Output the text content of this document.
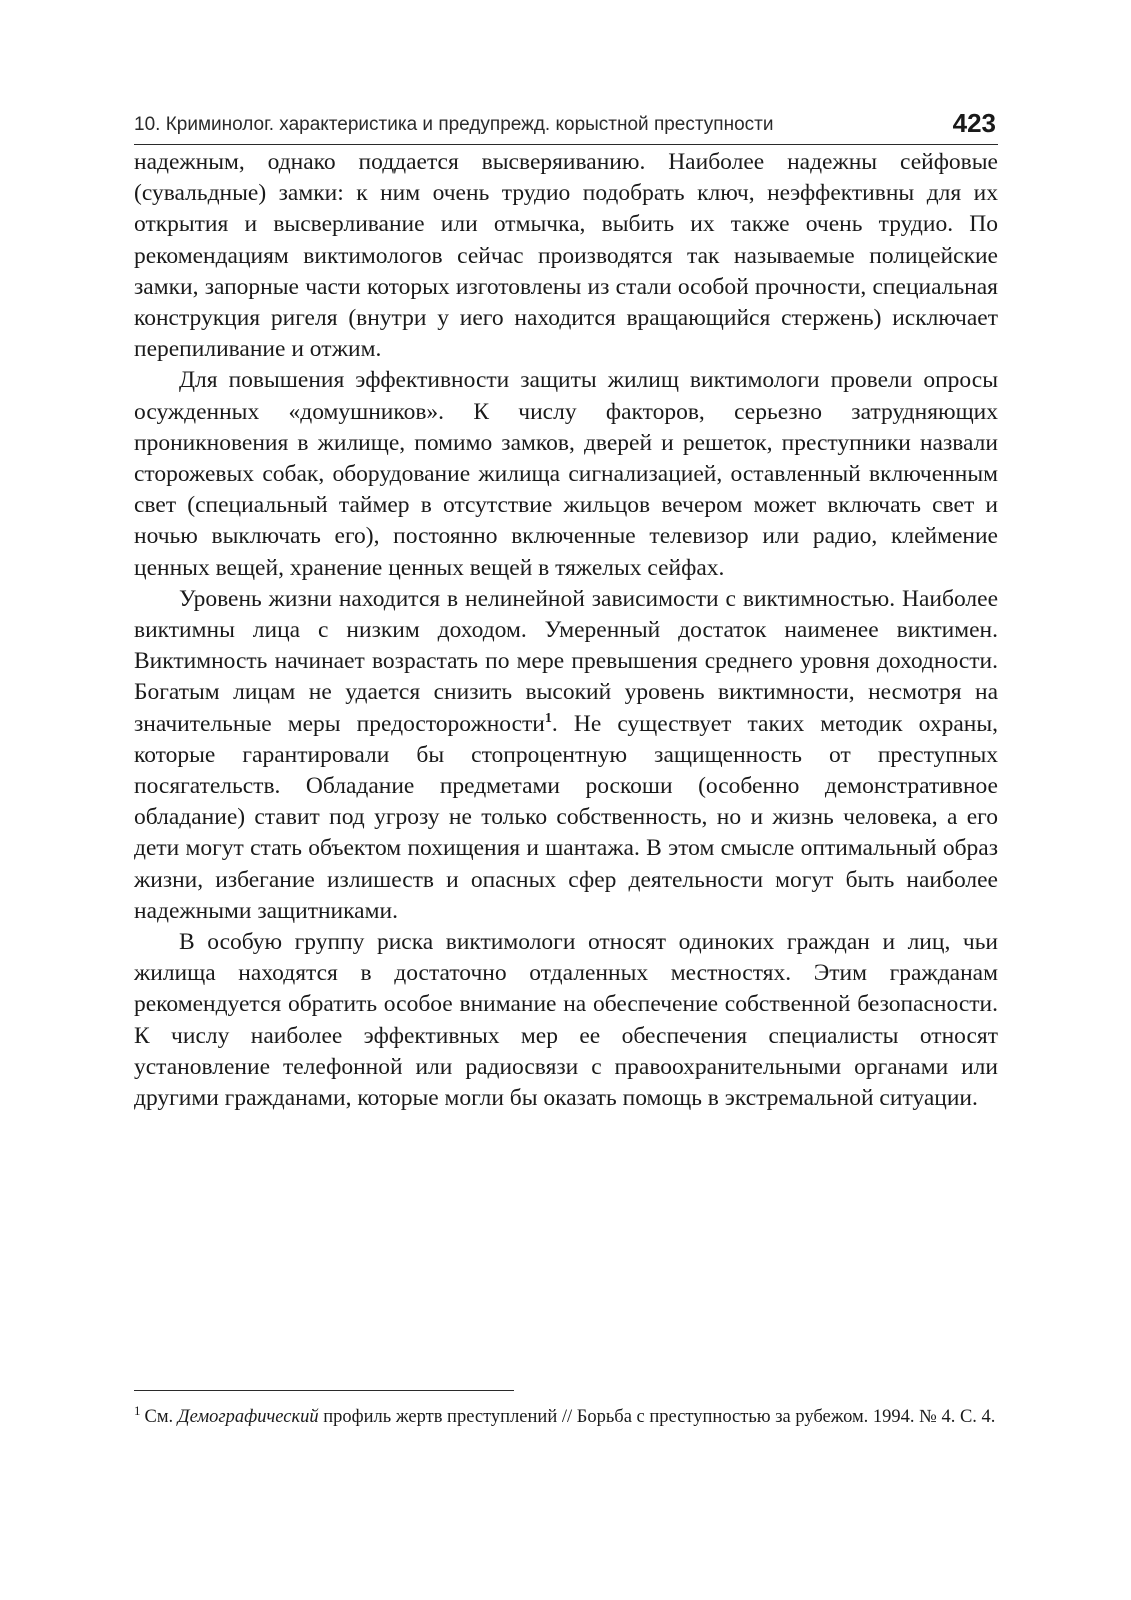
10. Криминолог. характеристика и предупрежд. корыстной преступности	423

надежным, однако поддается высверяиванию. Наиболее надежны сейфовые (сувальдные) замки: к ним очень трудио подобрать ключ, неэффективны для их открытия и высверливание или отмычка, выбить их также очень трудио. По рекомендациям виктимологов сейчас производятся так называемые полицейские замки, запорные части которых изготовлены из стали особой прочности, специальная конструкция ригеля (внутри у иего находится вращающийся стержень) исключает перепиливание и отжим.

Для повышения эффективности защиты жилищ виктимологи провели опросы осужденных «домушников». К числу факторов, серьезно затрудняющих проникновения в жилище, помимо замков, дверей и решеток, преступники назвали сторожевых собак, оборудование жилища сигнализацией, оставленный включенным свет (специальный таймер в отсутствие жильцов вечером может включать свет и ночью выключать его), постоянно включенные телевизор или радио, клеймение ценных вещей, хранение ценных вещей в тяжелых сейфах.

Уровень жизни находится в нелинейной зависимости с виктимностью. Наиболее виктимны лица с низким доходом. Умеренный достаток наименее виктимен. Виктимность начинает возрастать по мере превышения среднего уровня доходности. Богатым лицам не удается снизить высокий уровень виктимности, несмотря на значительные меры предосторожности$^1$. Не существует таких методик охраны, которые гарантировали бы стопроцентную защищенность от преступных посягательств. Обладание предметами роскоши (особенно демонстративное обладание) ставит под угрозу не только собственность, но и жизнь человека, а его дети могут стать объектом похищения и шантажа. В этом смысле оптимальный образ жизни, избегание излишеств и опасных сфер деятельности могут быть наиболее надежными защитниками.

В особую группу риска виктимологи относят одиноких граждан и лиц, чьи жилища находятся в достаточно отдаленных местностях. Этим гражданам рекомендуется обратить особое внимание на обеспечение собственной безопасности. К числу наиболее эффективных мер ее обеспечения специалисты относят установление телефонной или радиосвязи с правоохранительными органами или другими гражданами, которые могли бы оказать помощь в экстремальной ситуации.

$^1$ См. Демографический профиль жертв преступлений // Борьба с преступностью за рубежом. 1994. № 4. С. 4.
